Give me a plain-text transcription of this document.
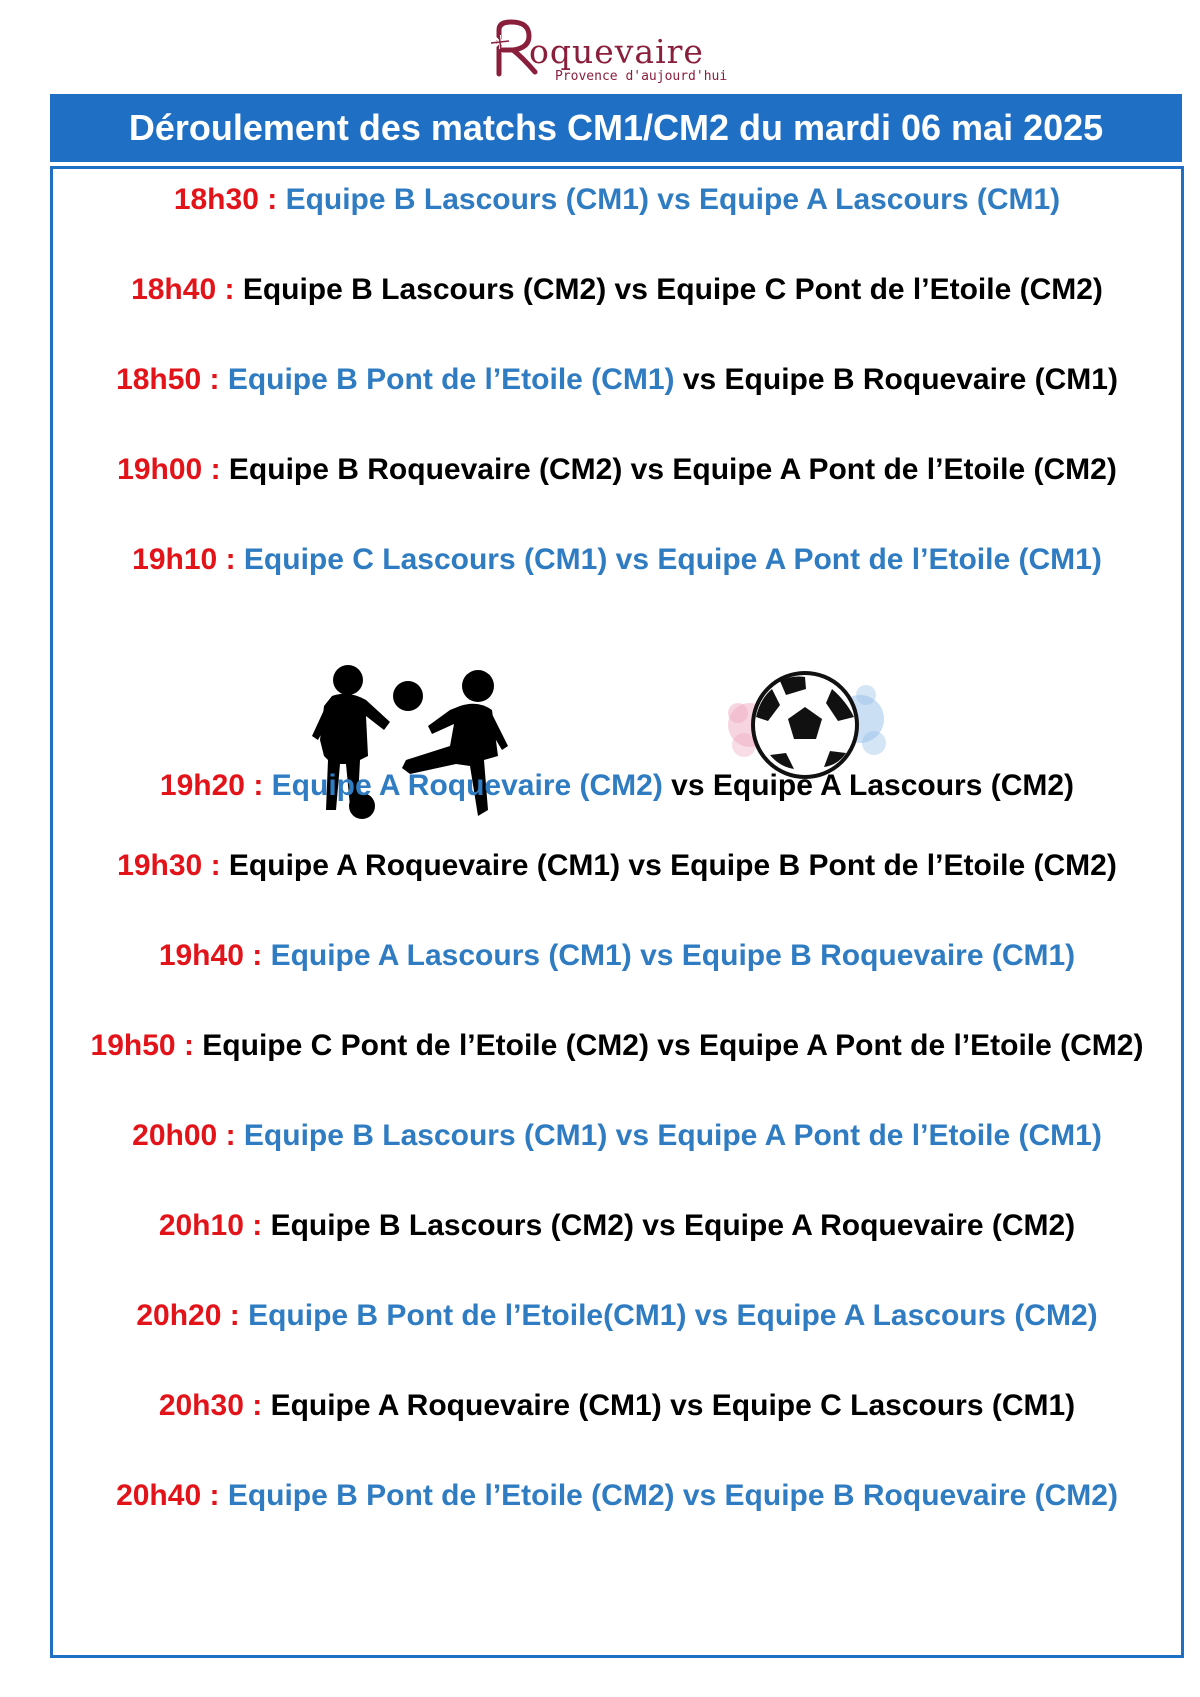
oquevaire
Provence d'aujourd'hui
Déroulement des matchs CM1/CM2 du mardi 06 mai 2025
18h30 : Equipe B Lascours (CM1) vs Equipe A Lascours (CM1)
18h40 : Equipe B Lascours (CM2) vs Equipe C Pont de l’Etoile (CM2)
18h50 : Equipe B Pont de l’Etoile (CM1) vs Equipe B Roquevaire (CM1)
19h00 : Equipe B Roquevaire (CM2) vs Equipe A Pont de l’Etoile (CM2)
19h10 : Equipe C Lascours (CM1) vs Equipe A Pont de l’Etoile (CM1)
19h20 : Equipe A Roquevaire (CM2) vs Equipe A Lascours (CM2)
19h30 : Equipe A Roquevaire (CM1) vs Equipe B Pont de l’Etoile (CM2)
19h40 : Equipe A Lascours (CM1) vs Equipe B Roquevaire (CM1)
19h50 : Equipe C Pont de l’Etoile (CM2) vs Equipe A Pont de l’Etoile (CM2)
20h00 : Equipe B Lascours (CM1) vs Equipe A Pont de l’Etoile (CM1)
20h10 : Equipe B Lascours (CM2) vs Equipe A Roquevaire (CM2)
20h20 : Equipe B Pont de l’Etoile(CM1) vs Equipe A Lascours (CM2)
20h30 : Equipe A Roquevaire (CM1) vs Equipe C Lascours (CM1)
20h40 : Equipe B Pont de l’Etoile (CM2) vs Equipe B Roquevaire (CM2)
